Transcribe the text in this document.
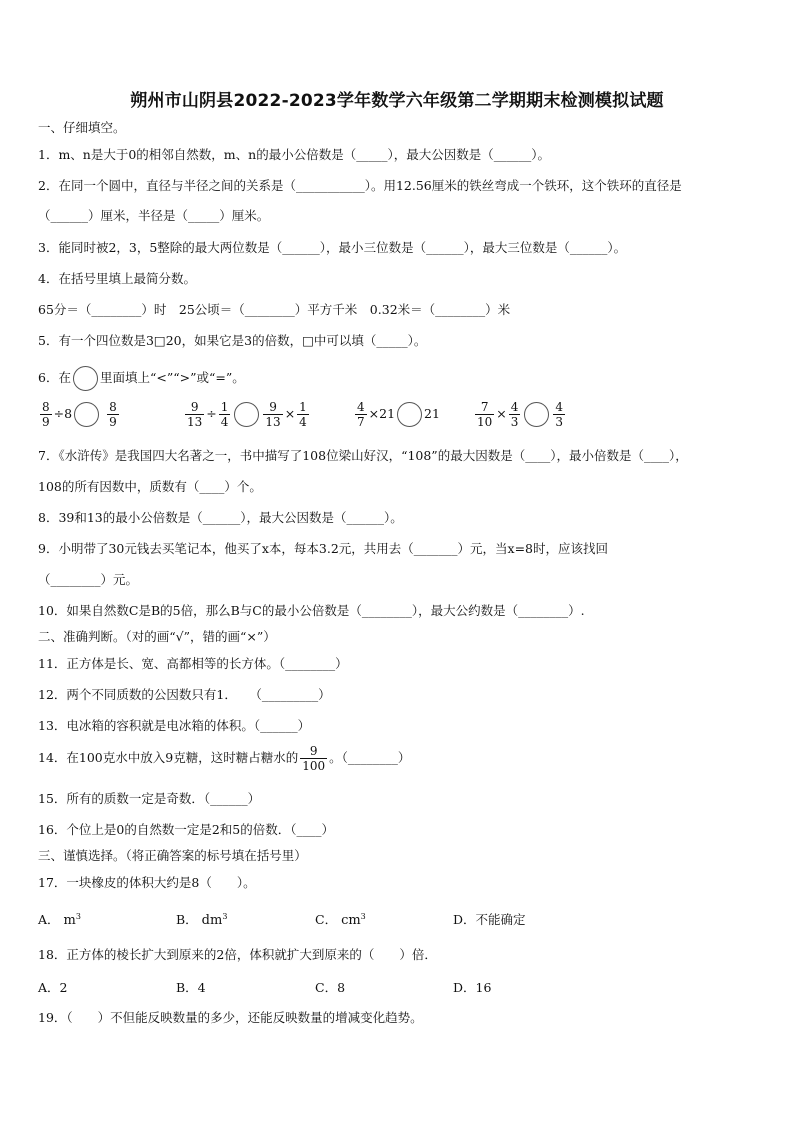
朔州市山阴县2022-2023学年数学六年级第二学期期末检测模拟试题
一、仔细填空。
1．m、n是大于0的相邻自然数，m、n的最小公倍数是（_____），最大公因数是（______）。
2．在同一个圆中，直径与半径之间的关系是（___________）。用12.56厘米的铁丝弯成一个铁环，这个铁环的直径是
（______）厘米，半径是（_____）厘米。
3．能同时被2，3，5整除的最大两位数是（______），最小三位数是（______），最大三位数是（______）。
4．在括号里填上最简分数。
65分＝（________）时　25公顷＝（________）平方千米　0.32米＝（________）米
5．有一个四位数是3□20，如果它是3的倍数，□中可以填（_____）。
6．在 里面填上“<”“>”或“=”。
$\frac{8}{9} \div 8$	$\frac{8}{9}$	$\frac{9}{13} \div \frac{1}{4}$	$\frac{9}{13} \times \frac{1}{4}$	$\frac{4}{7} \times 21$ 21	$\frac{7}{10} \times \frac{4}{3}$	$\frac{4}{3}$
7．《水浒传》是我国四大名著之一，书中描写了108位梁山好汉，“108”的最大因数是（____），最小倍数是（____），
108的所有因数中，质数有（____）个。
8．39和13的最小公倍数是（______），最大公因数是（______）。
9．小明带了30元钱去买笔记本，他买了x本，每本3.2元，共用去（_______）元，当x=8时，应该找回
（________）元。
10．如果自然数C是B的5倍，那么B与C的最小公倍数是（________），最大公约数是（________）.
二、准确判断。（对的画“√”，错的画“×”）
11．正方体是长、宽、高都相等的长方体。（________）
12．两个不同质数的公因数只有1．　　（_________）
13．电冰箱的容积就是电冰箱的体积。（______）
14．在100克水中放入9克糖，这时糖占糖水的 $\frac{9}{100}$ 。（________）
15．所有的质数一定是奇数．（______）
16．个位上是0的自然数一定是2和5的倍数．（____）
三、谨慎选择。（将正确答案的标号填在括号里）
17．一块橡皮的体积大约是8（　　）。
A． $m^3$	B． $dm^3$	C． $cm^3$	D．不能确定
18．正方体的棱长扩大到原来的2倍，体积就扩大到原来的（　　）倍．
A．2	B．4	C．8	D．16
19．（　　）不但能反映数量的多少，还能反映数量的增减变化趋势。
